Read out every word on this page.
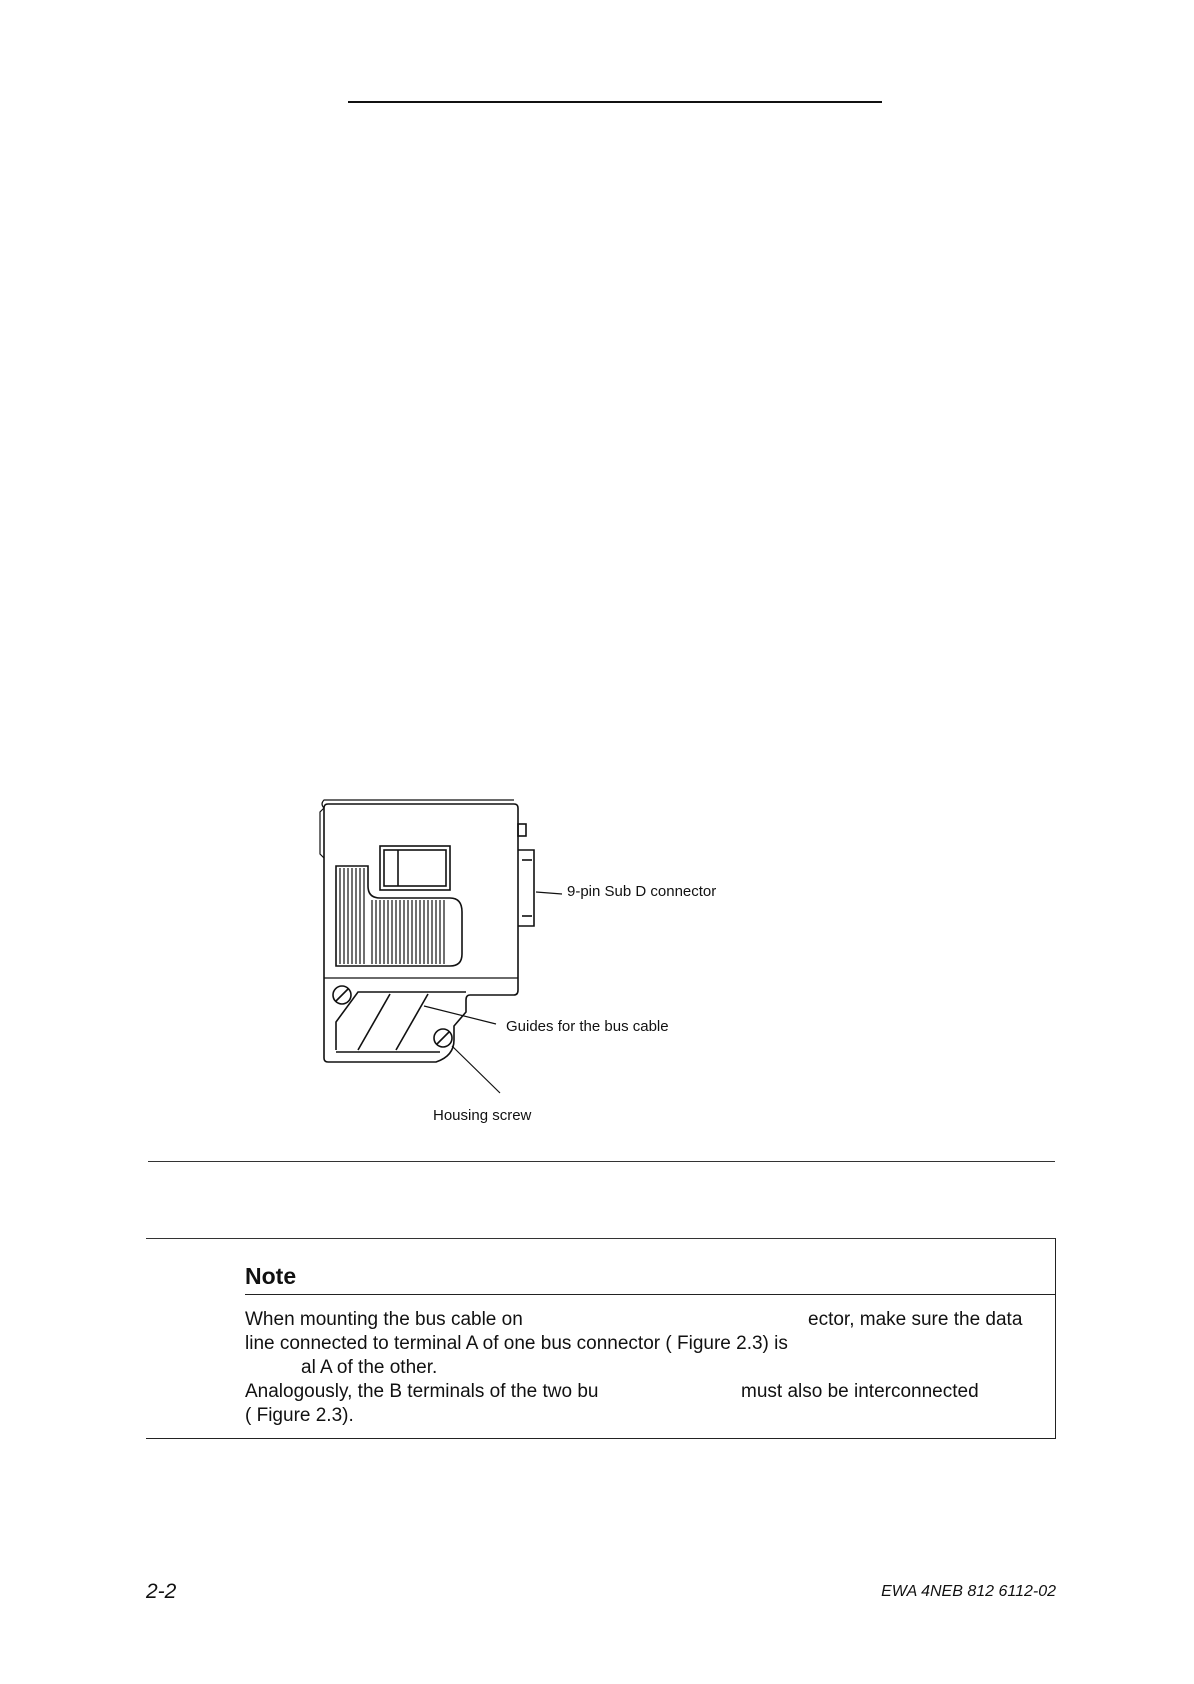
9-pin Sub D connector
Guides for the bus cable
Housing screw
Note
When mounting the bus cable on	ector, make sure the data
line connected to terminal A of one bus connector ( Figure 2.3) is
al A of the other.
Analogously, the B terminals of the two bu	must also be interconnected
( Figure 2.3).
2-2	EWA 4NEB 812 6112-02
